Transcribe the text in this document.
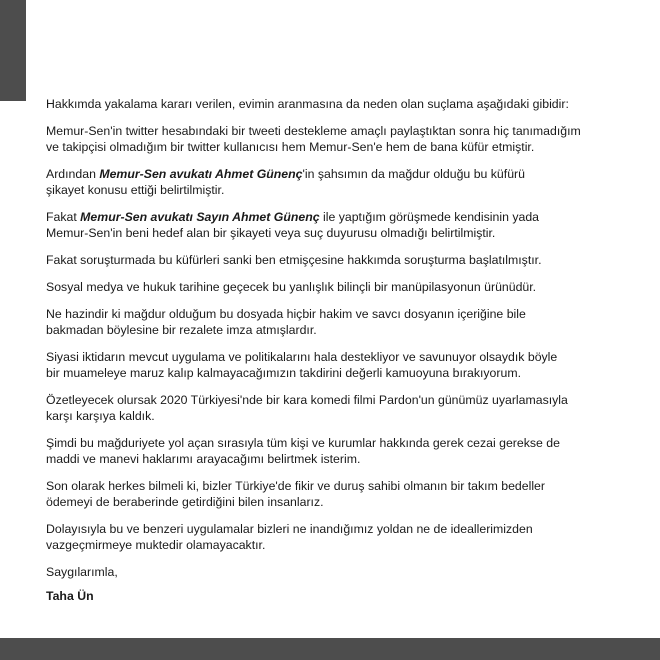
Hakkımda yakalama kararı verilen, evimin aranmasına da neden olan suçlama aşağıdaki gibidir:

Memur-Sen'in twitter hesabındaki bir tweeti destekleme amaçlı paylaştıktan sonra hiç tanımadığım
ve takipçisi olmadığım bir twitter kullanıcısı hem Memur-Sen'e hem de bana küfür etmiştir.

Ardından Memur-Sen avukatı Ahmet Günenç'in şahsımın da mağdur olduğu bu küfürü
şikayet konusu ettiği belirtilmiştir.

Fakat Memur-Sen avukatı Sayın Ahmet Günenç ile yaptığım görüşmede kendisinin yada
Memur-Sen'in beni hedef alan bir şikayeti veya suç duyurusu olmadığı belirtilmiştir.

Fakat soruşturmada bu küfürleri sanki ben etmişçesine hakkımda soruşturma başlatılmıştır.

Sosyal medya ve hukuk tarihine geçecek bu yanlışlık bilinçli bir manüpilasyonun ürünüdür.

Ne hazindir ki mağdur olduğum bu dosyada hiçbir hakim ve savcı dosyanın içeriğine bile
bakmadan böylesine bir rezalete imza atmışlardır.

Siyasi iktidarın mevcut uygulama ve politikalarını hala destekliyor ve savunuyor olsaydık böyle
bir muameleye maruz kalıp kalmayacağımızın takdirini değerli kamuoyuna bırakıyorum.

Özetleyecek olursak 2020 Türkiyesi'nde bir kara komedi filmi Pardon'un günümüz uyarlamasıyla
karşı karşıya kaldık.

Şimdi bu mağduriyete yol açan sırasıyla tüm kişi ve kurumlar hakkında gerek cezai gerekse de
maddi ve manevi haklarımı arayacağımı belirtmek isterim.

Son olarak herkes bilmeli ki, bizler Türkiye'de fikir ve duruş sahibi olmanın bir takım bedeller
ödemeyi de beraberinde getirdiğini bilen insanlarız.

Dolayısıyla bu ve benzeri uygulamalar bizleri ne inandığımız yoldan ne de ideallerimizden
vazgeçmirmeye muktedir olamayacaktır.

Saygılarımla,

Taha Ün
